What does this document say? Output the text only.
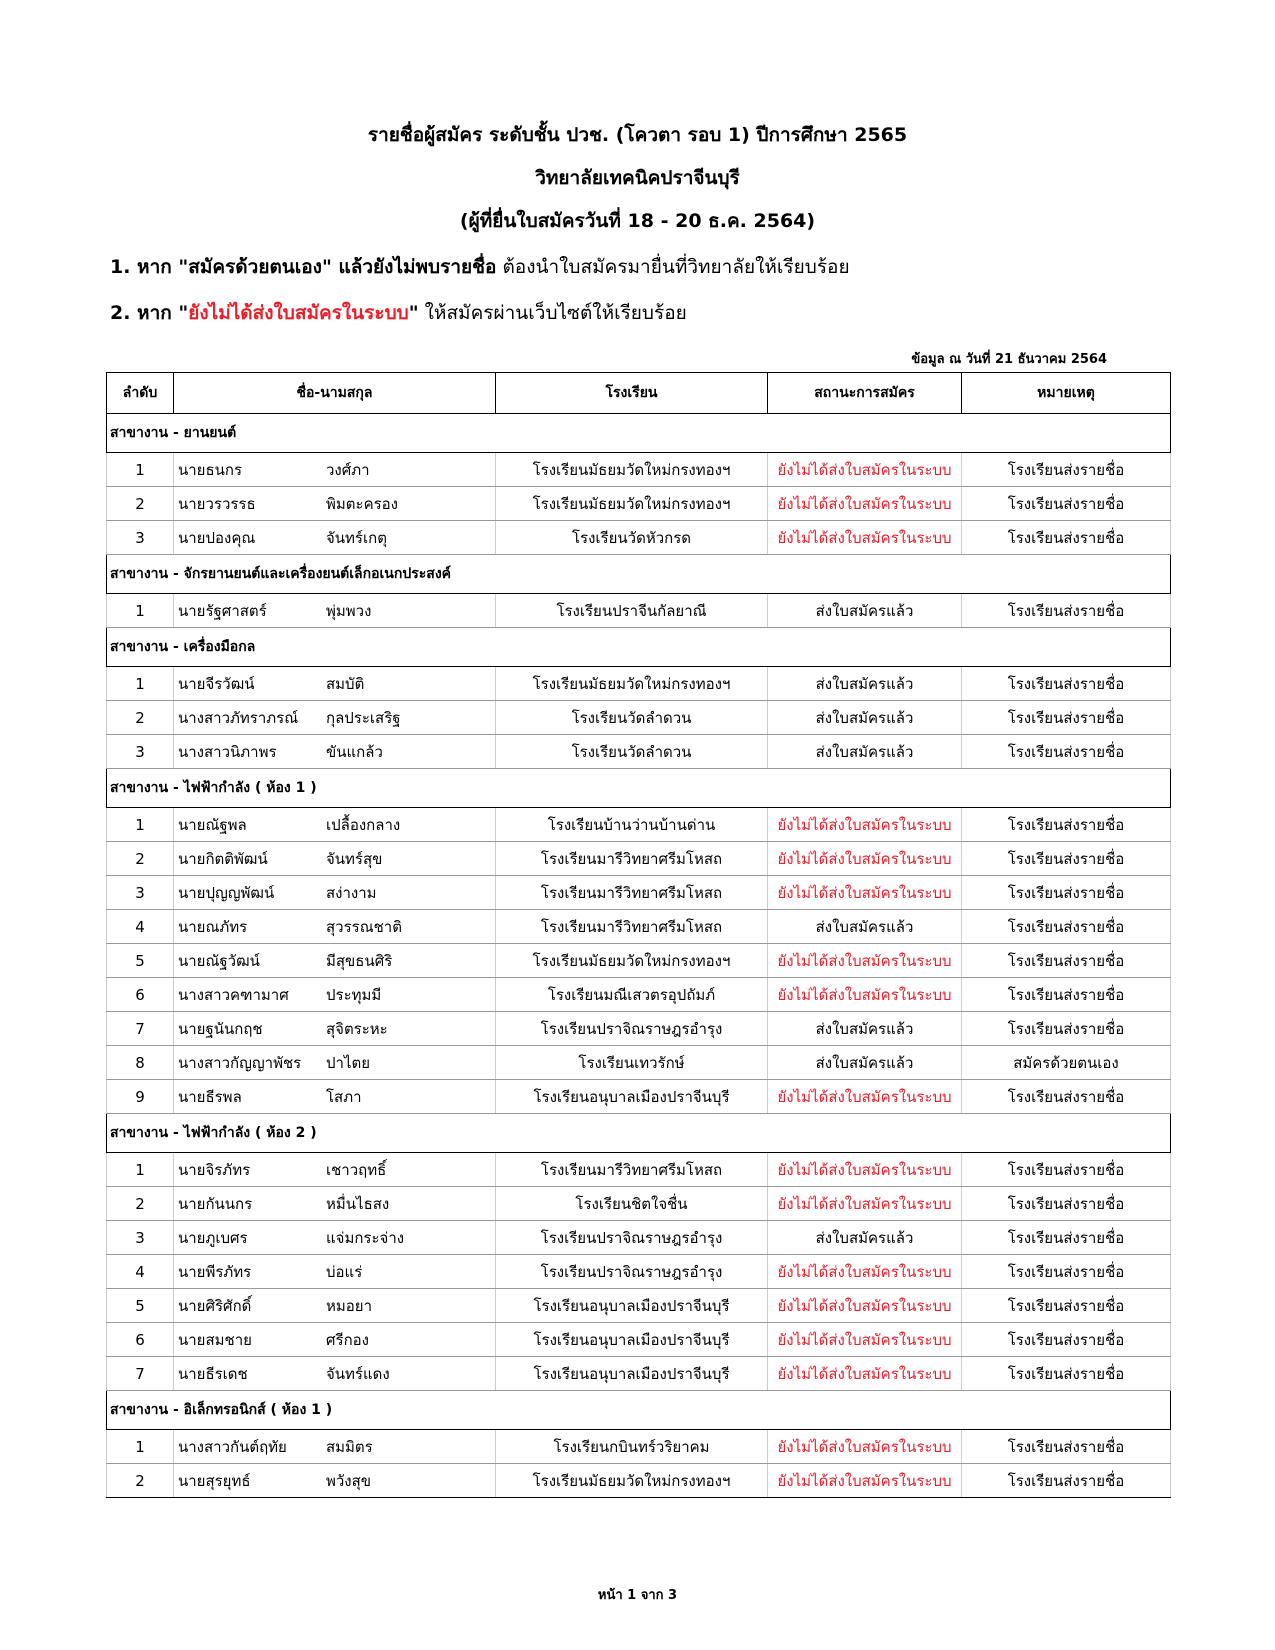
รายชื่อผู้สมัคร ระดับชั้น ปวช. (โควตา รอบ 1) ปีการศึกษา 2565
วิทยาลัยเทคนิคปราจีนบุรี
(ผู้ที่ยื่นใบสมัครวันที่ 18 - 20 ธ.ค. 2564)
1. หาก "สมัครด้วยตนเอง" แล้วยังไม่พบรายชื่อ ต้องนำใบสมัครมายื่นที่วิทยาลัยให้เรียบร้อย
2. หาก "ยังไม่ได้ส่งใบสมัครในระบบ" ให้สมัครผ่านเว็บไซต์ให้เรียบร้อย
ข้อมูล ณ วันที่ 21 ธันวาคม 2564
ลำดับ	ชื่อ-นามสกุล	โรงเรียน	สถานะการสมัคร	หมายเหตุ
สาขางาน - ยานยนต์				
1	นายธนกร วงศ์ภา	โรงเรียนมัธยมวัดใหม่กรงทองฯ	ยังไม่ได้ส่งใบสมัครในระบบ	โรงเรียนส่งรายชื่อ
2	นายวรวรรธ พิมตะครอง	โรงเรียนมัธยมวัดใหม่กรงทองฯ	ยังไม่ได้ส่งใบสมัครในระบบ	โรงเรียนส่งรายชื่อ
3	นายปองคุณ จันทร์เกตุ	โรงเรียนวัดหัวกรด	ยังไม่ได้ส่งใบสมัครในระบบ	โรงเรียนส่งรายชื่อ
สาขางาน - จักรยานยนต์และเครื่องยนต์เล็กอเนกประสงค์				
1	นายรัฐศาสตร์ พุ่มพวง	โรงเรียนปราจีนกัลยาณี	ส่งใบสมัครแล้ว	โรงเรียนส่งรายชื่อ
สาขางาน - เครื่องมือกล				
1	นายจีรวัฒน์ สมบัติ	โรงเรียนมัธยมวัดใหม่กรงทองฯ	ส่งใบสมัครแล้ว	โรงเรียนส่งรายชื่อ
2	นางสาวภัทราภรณ์ กุลประเสริฐ	โรงเรียนวัดลำดวน	ส่งใบสมัครแล้ว	โรงเรียนส่งรายชื่อ
3	นางสาวนิภาพร ขันแกล้ว	โรงเรียนวัดลำดวน	ส่งใบสมัครแล้ว	โรงเรียนส่งรายชื่อ
สาขางาน - ไฟฟ้ากำลัง ( ห้อง 1 )				
1	นายณัฐพล เปลื้องกลาง	โรงเรียนบ้านว่านบ้านด่าน	ยังไม่ได้ส่งใบสมัครในระบบ	โรงเรียนส่งรายชื่อ
2	นายกิตติพัฒน์ จันทร์สุข	โรงเรียนมารีวิทยาศรีมโหสถ	ยังไม่ได้ส่งใบสมัครในระบบ	โรงเรียนส่งรายชื่อ
3	นายปุญญพัฒน์ สง่างาม	โรงเรียนมารีวิทยาศรีมโหสถ	ยังไม่ได้ส่งใบสมัครในระบบ	โรงเรียนส่งรายชื่อ
4	นายณภัทร สุวรรณชาติ	โรงเรียนมารีวิทยาศรีมโหสถ	ส่งใบสมัครแล้ว	โรงเรียนส่งรายชื่อ
5	นายณัฐวัฒน์ มีสุขธนศิริ	โรงเรียนมัธยมวัดใหม่กรงทองฯ	ยังไม่ได้ส่งใบสมัครในระบบ	โรงเรียนส่งรายชื่อ
6	นางสาวคฑามาศ ประทุมมี	โรงเรียนมณีเสวตรอุปถัมภ์	ยังไม่ได้ส่งใบสมัครในระบบ	โรงเรียนส่งรายชื่อ
7	นายฐนันกฤช สุจิตระหะ	โรงเรียนปราจิณราษฎรอำรุง	ส่งใบสมัครแล้ว	โรงเรียนส่งรายชื่อ
8	นางสาวกัญญาพัชร ปาไตย	โรงเรียนเทวรักษ์	ส่งใบสมัครแล้ว	สมัครด้วยตนเอง
9	นายธีรพล โสภา	โรงเรียนอนุบาลเมืองปราจีนบุรี	ยังไม่ได้ส่งใบสมัครในระบบ	โรงเรียนส่งรายชื่อ
สาขางาน - ไฟฟ้ากำลัง ( ห้อง 2 )				
1	นายจิรภัทร เชาวฤทธิ์	โรงเรียนมารีวิทยาศรีมโหสถ	ยังไม่ได้ส่งใบสมัครในระบบ	โรงเรียนส่งรายชื่อ
2	นายกันนกร หมื่นไธสง	โรงเรียนชิตใจชื่น	ยังไม่ได้ส่งใบสมัครในระบบ	โรงเรียนส่งรายชื่อ
3	นายภูเบศร แจ่มกระจ่าง	โรงเรียนปราจิณราษฎรอำรุง	ส่งใบสมัครแล้ว	โรงเรียนส่งรายชื่อ
4	นายพีรภัทร บ่อแร่	โรงเรียนปราจิณราษฎรอำรุง	ยังไม่ได้ส่งใบสมัครในระบบ	โรงเรียนส่งรายชื่อ
5	นายศิริศักดิ์ หมอยา	โรงเรียนอนุบาลเมืองปราจีนบุรี	ยังไม่ได้ส่งใบสมัครในระบบ	โรงเรียนส่งรายชื่อ
6	นายสมชาย ศรีกอง	โรงเรียนอนุบาลเมืองปราจีนบุรี	ยังไม่ได้ส่งใบสมัครในระบบ	โรงเรียนส่งรายชื่อ
7	นายธีรเดช จันทร์แดง	โรงเรียนอนุบาลเมืองปราจีนบุรี	ยังไม่ได้ส่งใบสมัครในระบบ	โรงเรียนส่งรายชื่อ
สาขางาน - อิเล็กทรอนิกส์ ( ห้อง 1 )				
1	นางสาวกันต์ฤทัย สมมิตร	โรงเรียนกบินทร์วริยาคม	ยังไม่ได้ส่งใบสมัครในระบบ	โรงเรียนส่งรายชื่อ
2	นายสุรยุทธ์ พวังสุข	โรงเรียนมัธยมวัดใหม่กรงทองฯ	ยังไม่ได้ส่งใบสมัครในระบบ	โรงเรียนส่งรายชื่อ
หน้า 1 จาก 3
